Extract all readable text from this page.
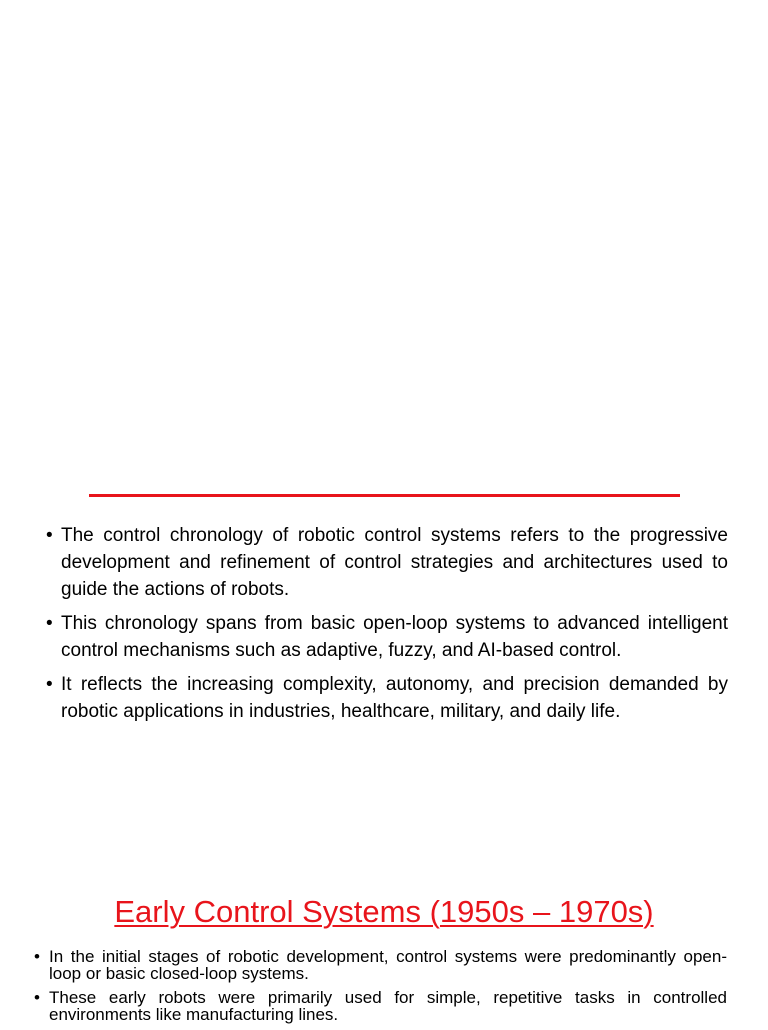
• The control chronology of robotic control systems refers to the progressive development and refinement of control strategies and architectures used to guide the actions of robots.
• This chronology spans from basic open-loop systems to advanced intelligent control mechanisms such as adaptive, fuzzy, and AI-based control.
• It reflects the increasing complexity, autonomy, and precision demanded by robotic applications in industries, healthcare, military, and daily life.
Early Control Systems (1950s – 1970s)
• In the initial stages of robotic development, control systems were predominantly open-loop or basic closed-loop systems.
• These early robots were primarily used for simple, repetitive tasks in controlled environments like manufacturing lines.
